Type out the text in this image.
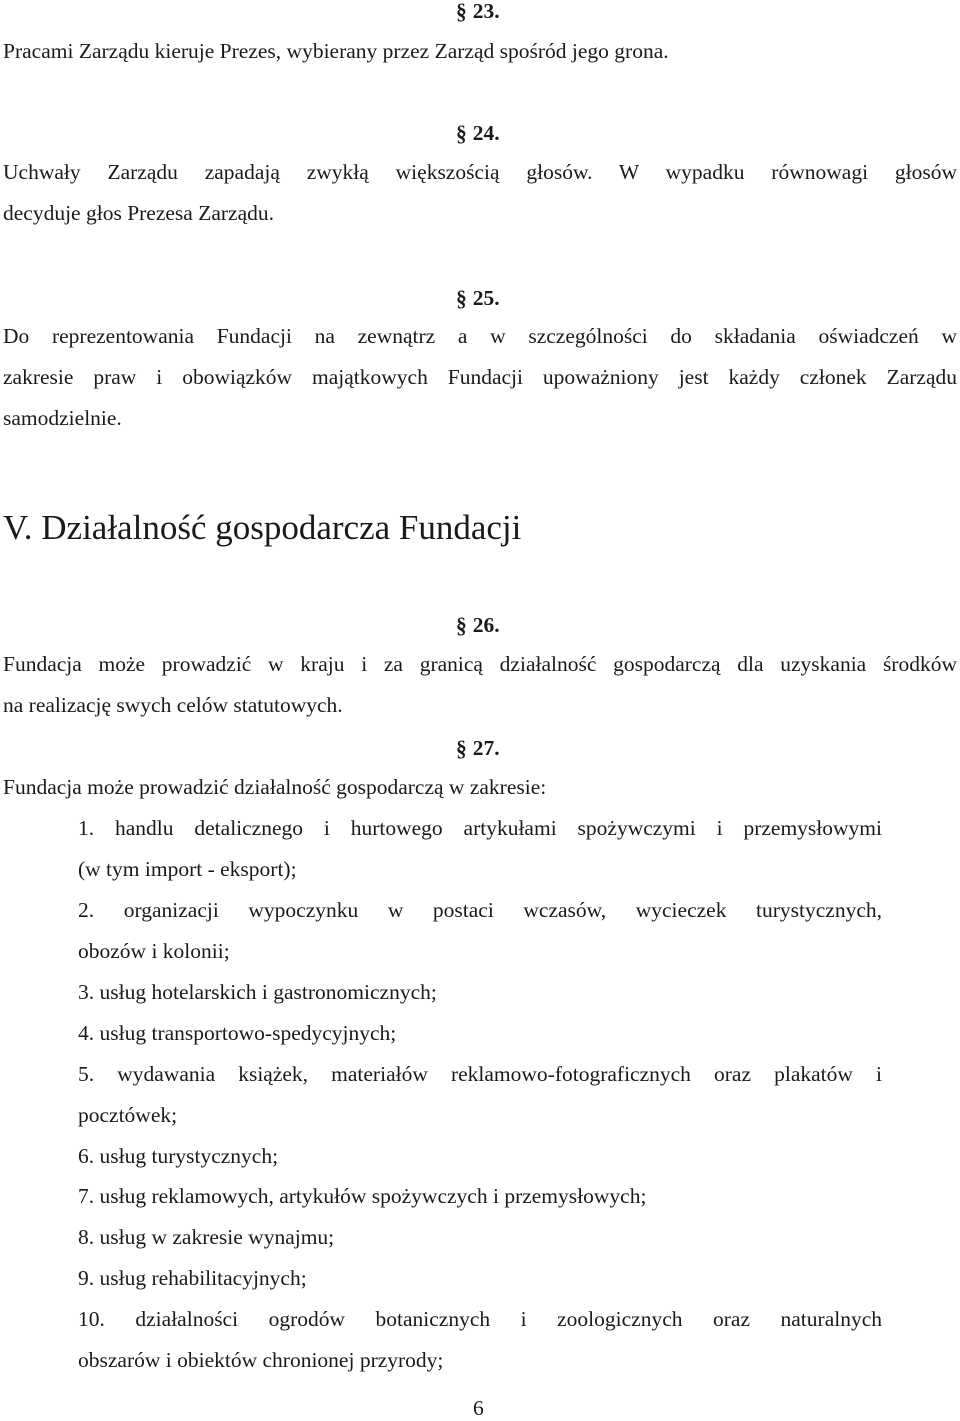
§ 23.
Pracami Zarządu kieruje Prezes, wybierany przez Zarząd spośród jego grona.
§ 24.
Uchwały Zarządu zapadają zwykłą większością głosów. W wypadku równowagi głosów
decyduje głos Prezesa Zarządu.
§ 25.
Do reprezentowania Fundacji na zewnątrz a w szczególności do składania oświadczeń w
zakresie praw i obowiązków majątkowych Fundacji upoważniony jest każdy członek Zarządu
samodzielnie.
V. Działalność gospodarcza Fundacji
§ 26.
Fundacja może prowadzić w kraju i za granicą działalność gospodarczą dla uzyskania środków
na realizację swych celów statutowych.
§ 27.
Fundacja może prowadzić działalność gospodarczą w zakresie:
1. handlu detalicznego i hurtowego artykułami spożywczymi i przemysłowymi
(w tym import - eksport);
2. organizacji wypoczynku w postaci wczasów, wycieczek turystycznych,
obozów i kolonii;
3. usług hotelarskich i gastronomicznych;
4. usług transportowo-spedycyjnych;
5. wydawania książek, materiałów reklamowo-fotograficznych oraz plakatów i
pocztówek;
6. usług turystycznych;
7. usług reklamowych, artykułów spożywczych i przemysłowych;
8. usług w zakresie wynajmu;
9. usług rehabilitacyjnych;
10. działalności ogrodów botanicznych i zoologicznych oraz naturalnych
obszarów i obiektów chronionej przyrody;
6
